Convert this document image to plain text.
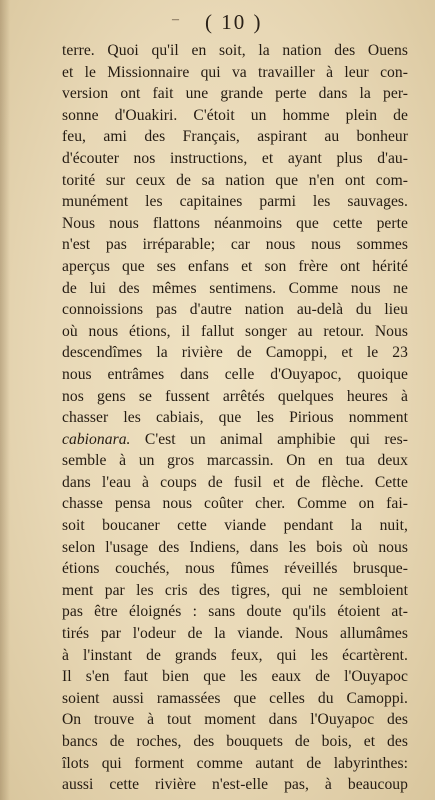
– ( 10 )
terre. Quoi qu'il en soit, la nation des Ouens
et le Missionnaire qui va travailler à leur con-
version ont fait une grande perte dans la per-
sonne d'Ouakiri. C'étoit un homme plein de
feu, ami des Français, aspirant au bonheur
d'écouter nos instructions, et ayant plus d'au-
torité sur ceux de sa nation que n'en ont com-
munément les capitaines parmi les sauvages.
Nous nous flattons néanmoins que cette perte
n'est pas irréparable; car nous nous sommes
aperçus que ses enfans et son frère ont hérité
de lui des mêmes sentimens. Comme nous ne
connoissions pas d'autre nation au-delà du lieu
où nous étions, il fallut songer au retour. Nous
descendîmes la rivière de Camoppi, et le 23
nous entrâmes dans celle d'Ouyapoc, quoique
nos gens se fussent arrêtés quelques heures à
chasser les cabiais, que les Pirious nomment
cabionara. C'est un animal amphibie qui res-
semble à un gros marcassin. On en tua deux
dans l'eau à coups de fusil et de flèche. Cette
chasse pensa nous coûter cher. Comme on fai-
soit boucaner cette viande pendant la nuit,
selon l'usage des Indiens, dans les bois où nous
étions couchés, nous fûmes réveillés brusque-
ment par les cris des tigres, qui ne sembloient
pas être éloignés : sans doute qu'ils étoient at-
tirés par l'odeur de la viande. Nous allumâmes
à l'instant de grands feux, qui les écartèrent.
Il s'en faut bien que les eaux de l'Ouyapoc
soient aussi ramassées que celles du Camoppi.
On trouve à tout moment dans l'Ouyapoc des
bancs de roches, des bouquets de bois, et des
îlots qui forment comme autant de labyrinthes:
aussi cette rivière n'est-elle pas, à beaucoup
